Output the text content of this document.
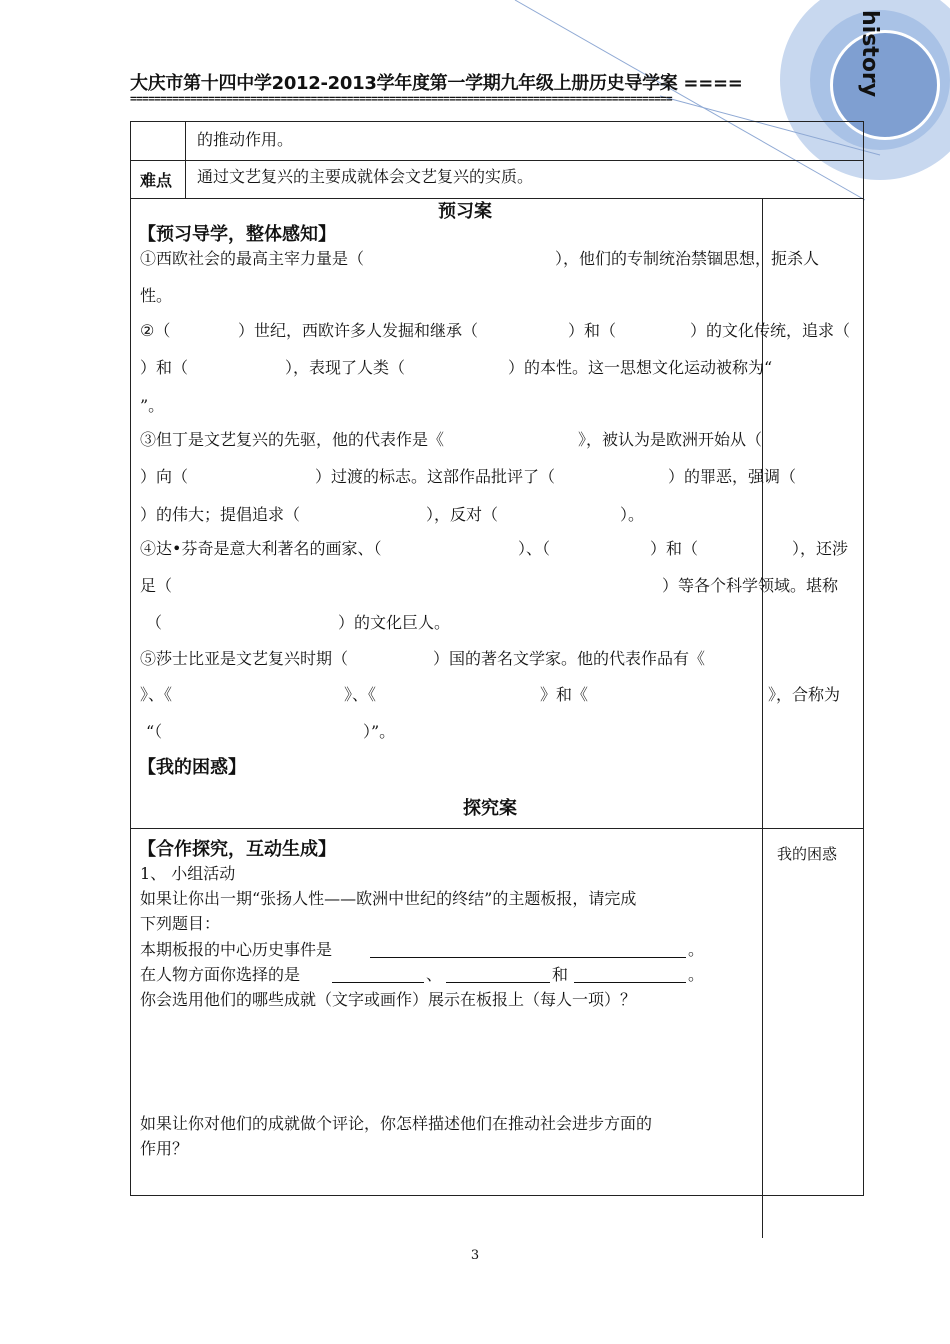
history
大庆市第十四中学2012-2013学年度第一学期九年级上册历史导学案 ====
==========================================================================================
的推动作用。
难点 通过文艺复兴的主要成就体会文艺复兴的实质。
预习案
【预习导学，整体感知】
①西欧社会的最高主宰力量是（	），他们的专制统治禁锢思想，扼杀人
性。
②（	）世纪，西欧许多人发掘和继承（	）和（	）的文化传统，追求（
）和（	），表现了人类（	）的本性。这一思想文化运动被称为“
”。
③但丁是文艺复兴的先驱，他的代表作是《	》，被认为是欧洲开始从（
）向（	）过渡的标志。这部作品批评了（	）的罪恶，强调（
）的伟大；提倡追求（	），反对（	）。
④达•芬奇是意大利著名的画家、（	）、（	）和（	），还涉
足（	）等各个科学领域。堪称
（	）的文化巨人。
⑤莎士比亚是文艺复兴时期（	）国的著名文学家。他的代表作品有《
》、《	》、《	》和《	》，合称为
“（	）”。
【我的困惑】
探究案
【合作探究，互动生成】	我的困惑
1、 小组活动
如果让你出一期“张扬人性——欧洲中世纪的终结”的主题板报，请完成
下列题目：
本期板报的中心历史事件是	。
在人物方面你选择的是	、	和	。
你会选用他们的哪些成就（文字或画作）展示在板报上（每人一项）？
如果让你对他们的成就做个评论，你怎样描述他们在推动社会进步方面的
作用？
3
